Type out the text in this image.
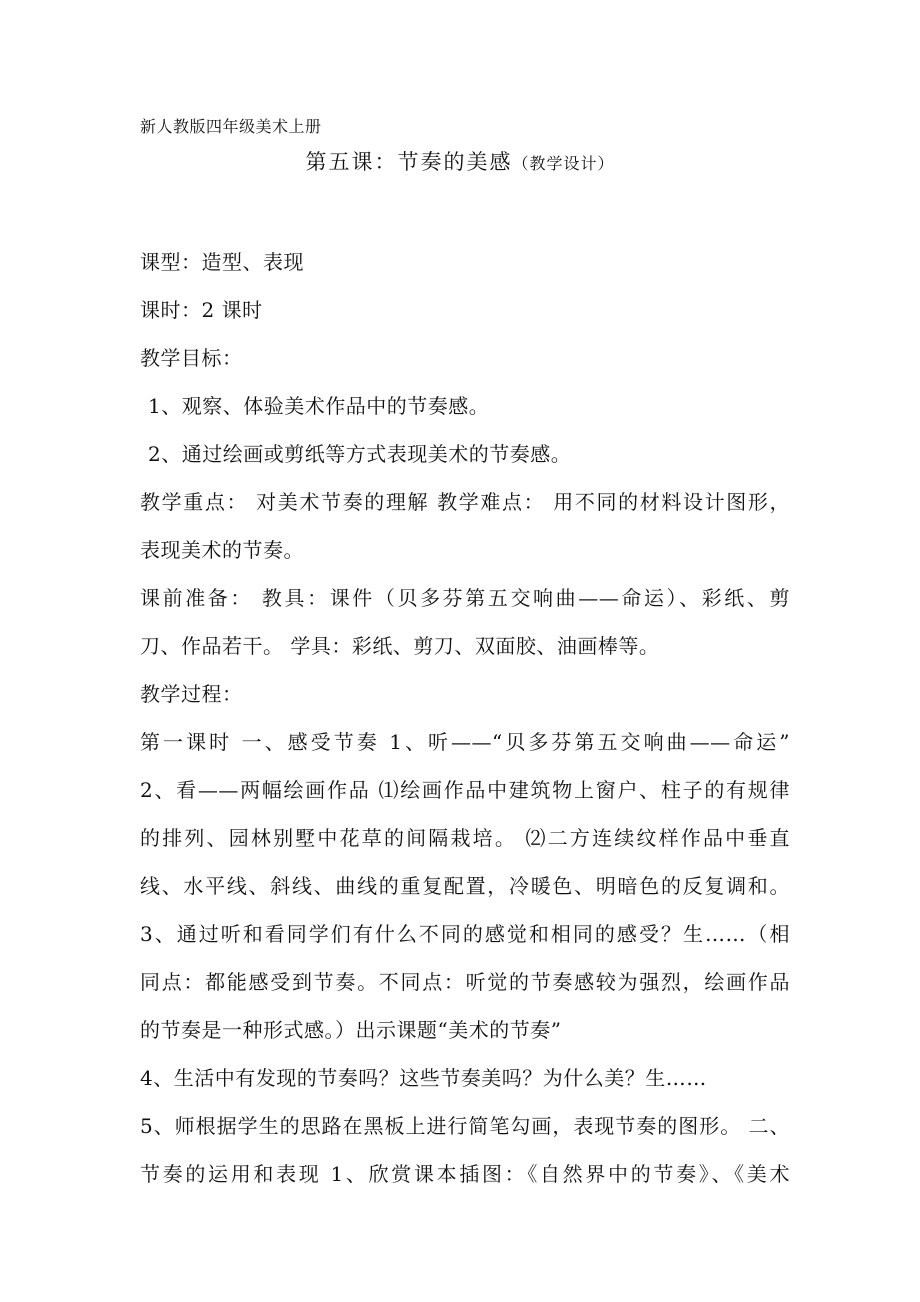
新人教版四年级美术上册
第五课：节奏的美感（教学设计）
课型：造型、表现
课时：2 课时
教学目标：
1、观察、体验美术作品中的节奏感。
2、通过绘画或剪纸等方式表现美术的节奏感。
教学重点： 对美术节奏的理解 教学难点： 用不同的材料设计图形，
表现美术的节奏。
课前准备： 教具：课件（贝多芬第五交响曲——命运）、彩纸、剪
刀、作品若干。 学具：彩纸、剪刀、双面胶、油画棒等。
教学过程：
第一课时 一、感受节奏 1、听——“贝多芬第五交响曲——命运”
2、看——两幅绘画作品 ⑴绘画作品中建筑物上窗户、柱子的有规律
的排列、园林别墅中花草的间隔栽培。 ⑵二方连续纹样作品中垂直
线、水平线、斜线、曲线的重复配置，冷暖色、明暗色的反复调和。
3、通过听和看同学们有什么不同的感觉和相同的感受？生……（相
同点：都能感受到节奏。不同点：听觉的节奏感较为强烈，绘画作品
的节奏是一种形式感。）出示课题“美术的节奏”
4、生活中有发现的节奏吗？这些节奏美吗？为什么美？生……
5、师根据学生的思路在黑板上进行简笔勾画，表现节奏的图形。 二、
节奏的运用和表现 1、欣赏课本插图：《自然界中的节奏》、《美术
